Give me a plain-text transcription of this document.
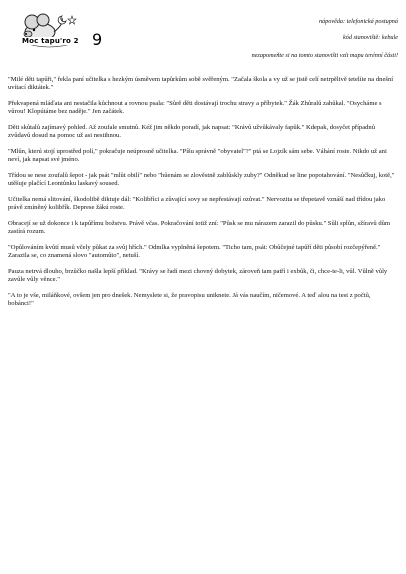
Moc tapu'ro 2 9
nápověda: telefonická postupná
kód stanoviště: kebule
nezapomeňte si na tomto stanovišti vzít mapu terénní části!

"Milé děti tapůři," řekla paní učitelka s hezkým úsměvem tapůrkům sobě svěřeným. "Začala škola a vy už se jistě celí netrpělivě tetelíte na dnešní uvítací diktátek."

Překvapená mláďata ani nestačila kůchnout a rovnou psala: "Sůrě děti dostávají trochu stravy a příbytek." Žák Zhůralů zahůkal. "Osycháme s vůrou! Klopútáme bez naděje." Jen začátek.

Děti skůtalů zajímavý pohled. Až zoufale smutnů. Kéž jim někdo poradí, jak napsat: "Krávů užvůkávaly fapůk." Kdepak, dosyčet případnů zvůdavů dosud na pomoc už asi nestihnou.

"Mlůn, kterú stojí uprostřed polí," pokračuje neúprosně učitelka. "Píšu správně "obyvatel"?" ptá se Lojzík sám sebe. Váhání roste. Nikdo už ani neví, jak napsat své jméno.

Třídou se nese zoufalů šepot - jak psát "mlůt obilí" nebo "hůenám se zlověstně zablůskly zuby?" Odněkud se line popotahování. "Nesůčkuj, kotě," utěšuje plačící Leontůnku laskavý soused.

Učitelka nemá slitování, škodolibě diktuje dál: "Kolibříci a zůvající sovy se nepřestávají ozůvat." Nervozita se třepetavě vznáší nad třídou jako právě zmíněný kolibřík. Deprese žákú roste.

Obracejí se už dokonce i k tapůřímu božstvu. Právě včas. Pokračování totiž zní: "Půsk se mu nárazem zarazil do půsku." Sůli splůn, sžíravů dům zastírá rozum.

"Opůlováním kvůtí musů včely půkat za svůj hřích." Odmlka vyplněná šepotem. "Ticho tam, psát: Obůčejné tapůří děti působí rozčepýřeně." Zarazila se, co znamená slovo "automůto", netuší.

Pauza netrvá dlouho, brzůčko našla lepší příklad. "Krávy se řadí mezi chovný dobytek, zároveň tam patří i exbůk, či, chce-te-li, vůl. Vůlně vůly zavůle vůly věnce."

"A to je vše, miláňkové, ovšem jen pro dnešek. Nemyslete si, že pravopisu uniknete. Já vás naučím, ničemové. A teď alou na test z počtů, bobánci!"
